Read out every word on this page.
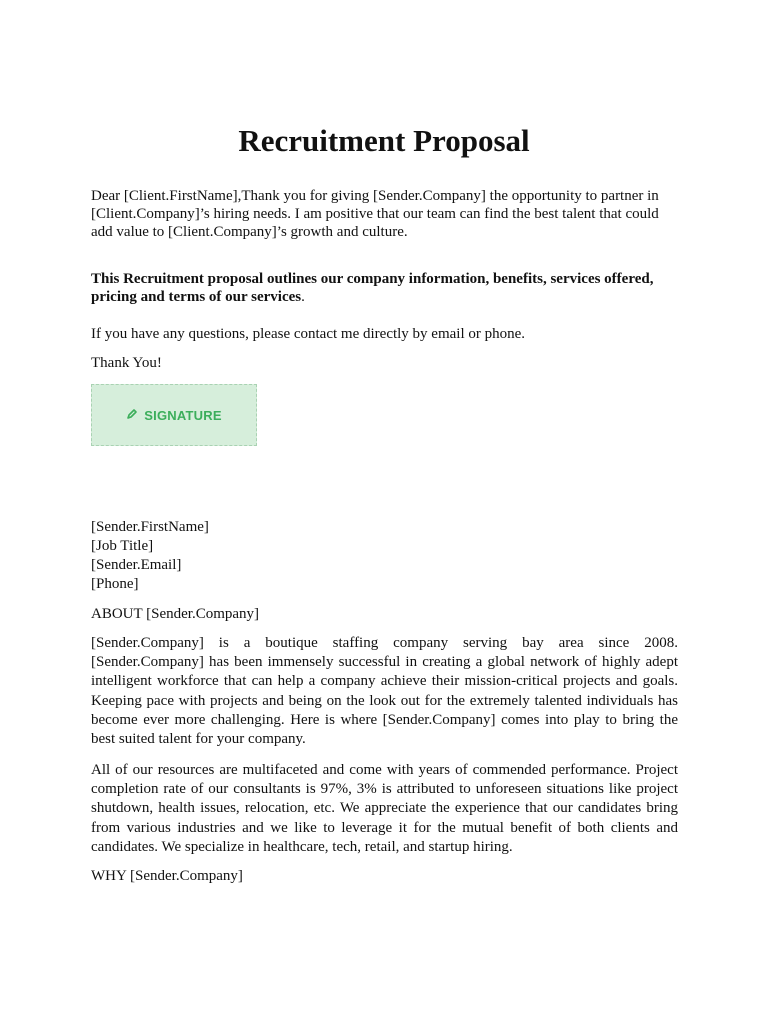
Recruitment Proposal

Dear [Client.FirstName],Thank you for giving [Sender.Company] the opportunity to partner in [Client.Company]’s hiring needs. I am positive that our team can find the best talent that could add value to [Client.Company]’s growth and culture.

This Recruitment proposal outlines our company information, benefits, services offered, pricing and terms of our services.

If you have any questions, please contact me directly by email or phone.

Thank You!

SIGNATURE
[Sender.FirstName]
[Job Title]
[Sender.Email]
[Phone]

ABOUT [Sender.Company]

[Sender.Company] is a boutique staffing company serving bay area since 2008. [Sender.Company] has been immensely successful in creating a global network of highly adept intelligent workforce that can help a company achieve their mission-critical projects and goals. Keeping pace with projects and being on the look out for the extremely talented individuals has become ever more challenging. Here is where [Sender.Company] comes into play to bring the best suited talent for your company.

All of our resources are multifaceted and come with years of commended performance. Project completion rate of our consultants is 97%, 3% is attributed to unforeseen situations like project shutdown, health issues, relocation, etc. We appreciate the experience that our candidates bring from various industries and we like to leverage it for the mutual benefit of both clients and candidates. We specialize in healthcare, tech, retail, and startup hiring.

WHY [Sender.Company]
